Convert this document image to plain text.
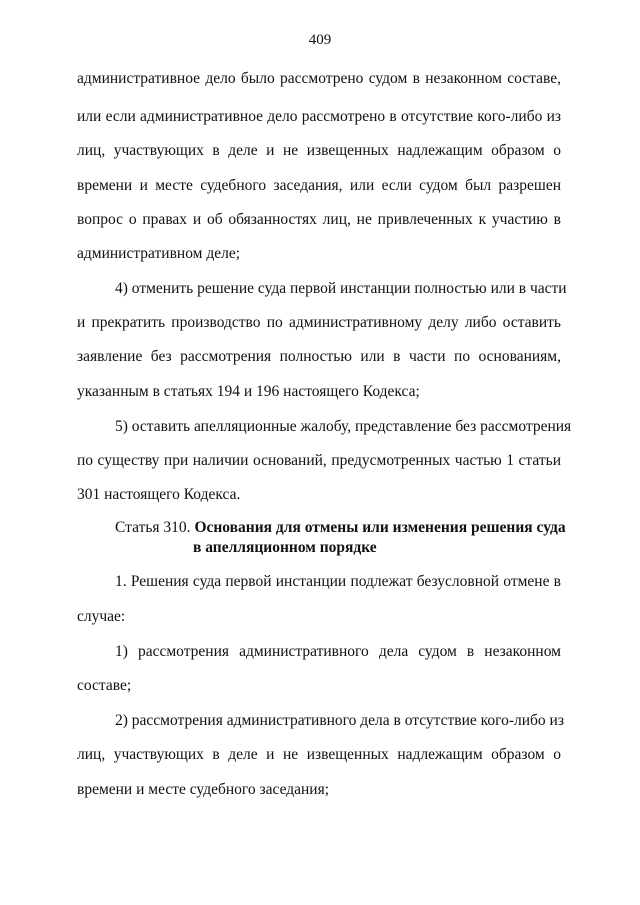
409
административное дело было рассмотрено судом в незаконном составе,
или если административное дело рассмотрено в отсутствие кого-либо из
лиц, участвующих в деле и не извещенных надлежащим образом о
времени и месте судебного заседания, или если судом был разрешен
вопрос о правах и об обязанностях лиц, не привлеченных к участию в
административном деле;
4) отменить решение суда первой инстанции полностью или в части
и прекратить производство по административному делу либо оставить
заявление без рассмотрения полностью или в части по основаниям,
указанным в статьях 194 и 196 настоящего Кодекса;
5) оставить апелляционные жалобу, представление без рассмотрения
по существу при наличии оснований, предусмотренных частью 1 статьи
301 настоящего Кодекса.
Статья 310. Основания для отмены или изменения решения суда
в апелляционном порядке
1. Решения суда первой инстанции подлежат безусловной отмене в
случае:
1) рассмотрения административного дела судом в незаконном
составе;
2) рассмотрения административного дела в отсутствие кого-либо из
лиц, участвующих в деле и не извещенных надлежащим образом о
времени и месте судебного заседания;
